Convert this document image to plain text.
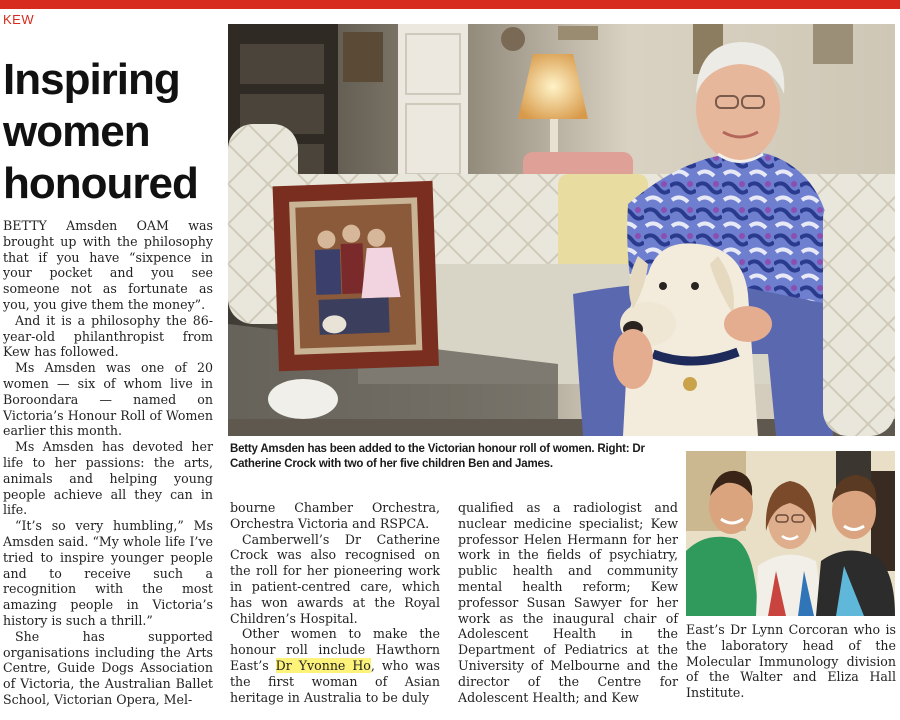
KEW
Inspiring
women
honoured
Betty Amsden has been added to the Victorian honour roll of women. Right: Dr Catherine Crock with two of her five children Ben and James.

BETTY Amsden OAM was brought up with the philosophy that if you have “sixpence in your pocket and you see someone not as fortunate as you, you give them the money”.

And it is a philosophy the 86-year-old philanthropist from Kew has followed.

Ms Amsden was one of 20 women — six of whom live in Boroondara — named on Victoria’s Honour Roll of Women earlier this month.

Ms Amsden has devoted her life to her passions: the arts, animals and helping young people achieve all they can in life.

“It’s so very humbling,” Ms Amsden said. “My whole life I’ve tried to inspire younger people and to receive such a recognition with the most amazing people in Victoria’s history is such a thrill.”

She has supported organisations including the Arts Centre, Guide Dogs Association of Victoria, the Australian Ballet School, Victorian Opera, Mel-

bourne Chamber Orchestra, Orchestra Victoria and RSPCA.

Camberwell’s Dr Catherine Crock was also recognised on the roll for her pioneering work in patient-centred care, which has won awards at the Royal Children’s Hospital.

Other women to make the honour roll include Hawthorn East’s Dr Yvonne Ho, who was the first woman of Asian heritage in Australia to be duly

qualified as a radiologist and nuclear medicine specialist; Kew professor Helen Hermann for her work in the fields of psychiatry, public health and community mental health reform; Kew professor Susan Sawyer for her work as the inaugural chair of Adolescent Health in the Department of Pediatrics at the University of Melbourne and the director of the Centre for Adolescent Health; and Kew

East’s Dr Lynn Corcoran who is the laboratory head of the Molecular Immunology division of the Walter and Eliza Hall Institute.
